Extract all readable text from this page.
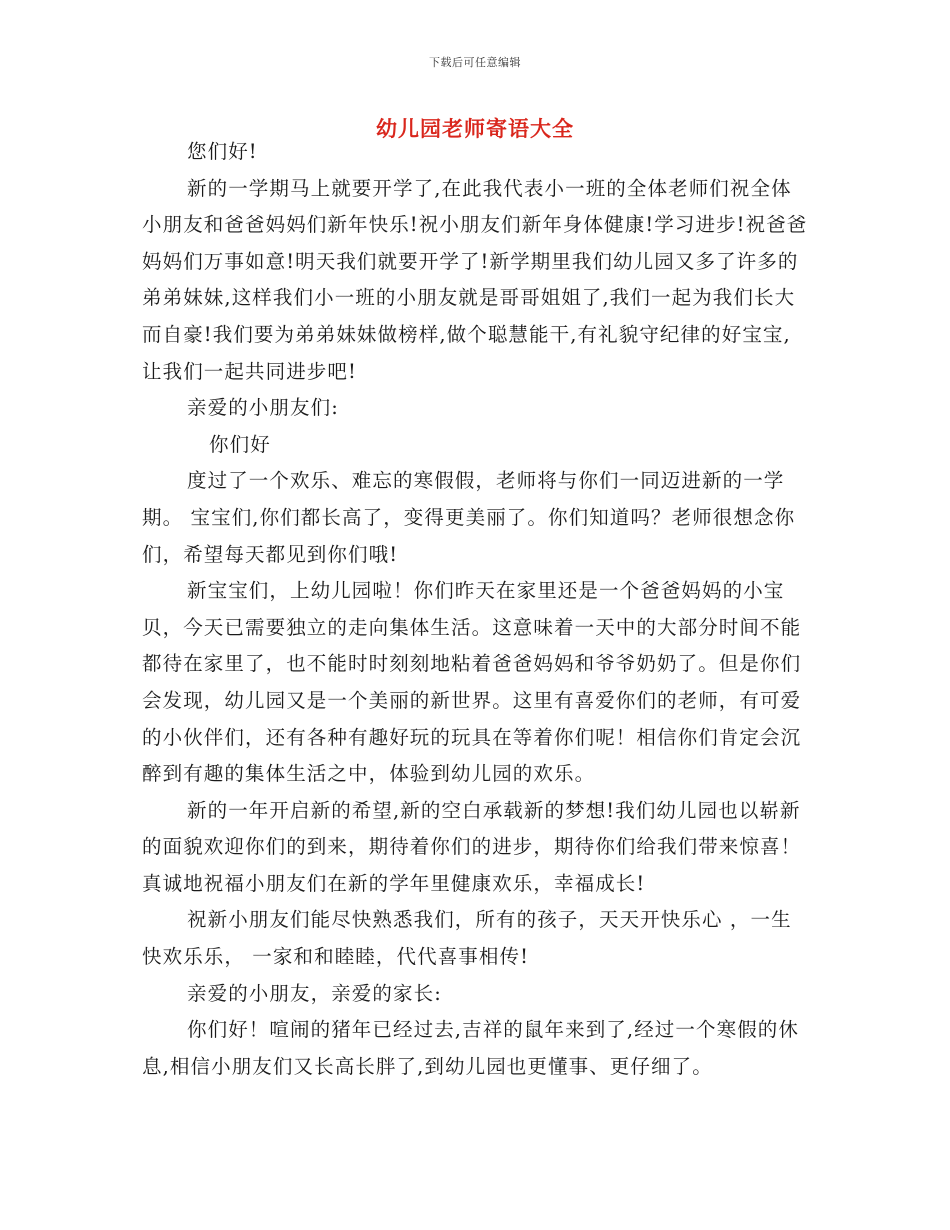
下载后可任意编辑
幼儿园老师寄语大全

您们好!

新的一学期马上就要开学了,在此我代表小一班的全体老师们祝全体小朋友和爸爸妈妈们新年快乐!祝小朋友们新年身体健康!学习进步!祝爸爸妈妈们万事如意!明天我们就要开学了!新学期里我们幼儿园又多了许多的弟弟妹妹,这样我们小一班的小朋友就是哥哥姐姐了,我们一起为我们长大而自豪!我们要为弟弟妹妹做榜样,做个聪慧能干,有礼貌守纪律的好宝宝,让我们一起共同进步吧!

亲爱的小朋友们:

你们好

度过了一个欢乐、难忘的寒假假，老师将与你们一同迈进新的一学期。 宝宝们,你们都长高了，变得更美丽了。你们知道吗？老师很想念你们，希望每天都见到你们哦!

新宝宝们，上幼儿园啦！你们昨天在家里还是一个爸爸妈妈的小宝贝，今天已需要独立的走向集体生活。这意味着一天中的大部分时间不能都待在家里了，也不能时时刻刻地粘着爸爸妈妈和爷爷奶奶了。但是你们会发现，幼儿园又是一个美丽的新世界。这里有喜爱你们的老师，有可爱的小伙伴们，还有各种有趣好玩的玩具在等着你们呢！相信你们肯定会沉醉到有趣的集体生活之中，体验到幼儿园的欢乐。

新的一年开启新的希望,新的空白承载新的梦想!我们幼儿园也以崭新的面貌欢迎你们的到来，期待着你们的进步，期待你们给我们带来惊喜！真诚地祝福小朋友们在新的学年里健康欢乐，幸福成长!

祝新小朋友们能尽快熟悉我们，所有的孩子，天天开快乐心 ，一生快欢乐乐， 一家和和睦睦，代代喜事相传!

亲爱的小朋友，亲爱的家长:

你们好！喧闹的猪年已经过去,吉祥的鼠年来到了,经过一个寒假的休息,相信小朋友们又长高长胖了,到幼儿园也更懂事、更仔细了。
